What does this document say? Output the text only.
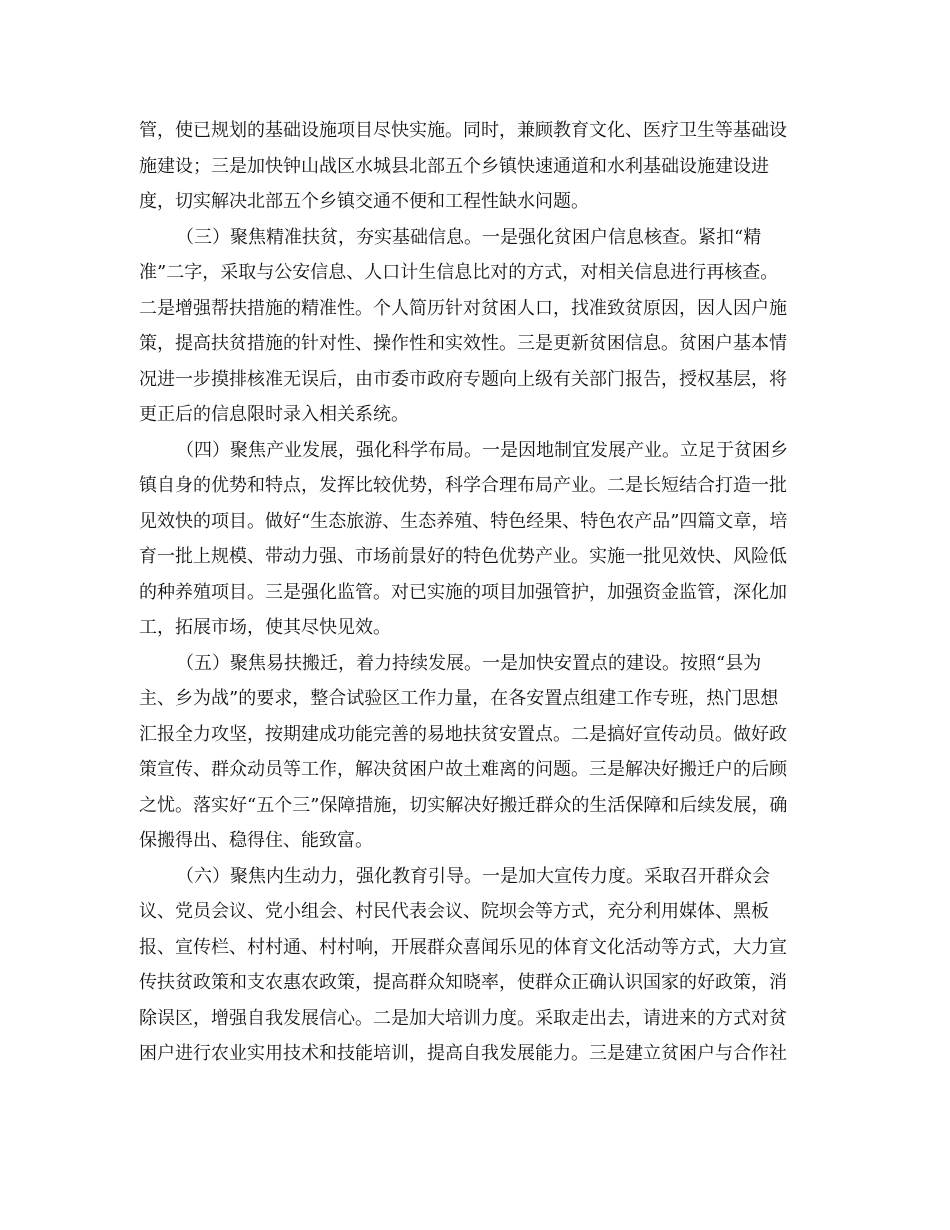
管，使已规划的基础设施项目尽快实施。同时，兼顾教育文化、医疗卫生等基础设
施建设；三是加快钟山战区水城县北部五个乡镇快速通道和水利基础设施建设进
度，切实解决北部五个乡镇交通不便和工程性缺水问题。
（三）聚焦精准扶贫，夯实基础信息。一是强化贫困户信息核查。紧扣“精
准”二字，采取与公安信息、人口计生信息比对的方式，对相关信息进行再核查。
二是增强帮扶措施的精准性。个人简历针对贫困人口，找准致贫原因，因人因户施
策，提高扶贫措施的针对性、操作性和实效性。三是更新贫困信息。贫困户基本情
况进一步摸排核准无误后，由市委市政府专题向上级有关部门报告，授权基层，将
更正后的信息限时录入相关系统。
（四）聚焦产业发展，强化科学布局。一是因地制宜发展产业。立足于贫困乡
镇自身的优势和特点，发挥比较优势，科学合理布局产业。二是长短结合打造一批
见效快的项目。做好“生态旅游、生态养殖、特色经果、特色农产品”四篇文章，培
育一批上规模、带动力强、市场前景好的特色优势产业。实施一批见效快、风险低
的种养殖项目。三是强化监管。对已实施的项目加强管护，加强资金监管，深化加
工，拓展市场，使其尽快见效。
（五）聚焦易扶搬迁，着力持续发展。一是加快安置点的建设。按照“县为
主、乡为战”的要求，整合试验区工作力量，在各安置点组建工作专班，热门思想
汇报全力攻坚，按期建成功能完善的易地扶贫安置点。二是搞好宣传动员。做好政
策宣传、群众动员等工作，解决贫困户故土难离的问题。三是解决好搬迁户的后顾
之忧。落实好“五个三”保障措施，切实解决好搬迁群众的生活保障和后续发展，确
保搬得出、稳得住、能致富。
（六）聚焦内生动力，强化教育引导。一是加大宣传力度。采取召开群众会
议、党员会议、党小组会、村民代表会议、院坝会等方式，充分利用媒体、黑板
报、宣传栏、村村通、村村响，开展群众喜闻乐见的体育文化活动等方式，大力宣
传扶贫政策和支农惠农政策，提高群众知晓率，使群众正确认识国家的好政策，消
除误区，增强自我发展信心。二是加大培训力度。采取走出去，请进来的方式对贫
困户进行农业实用技术和技能培训，提高自我发展能力。三是建立贫困户与合作社
